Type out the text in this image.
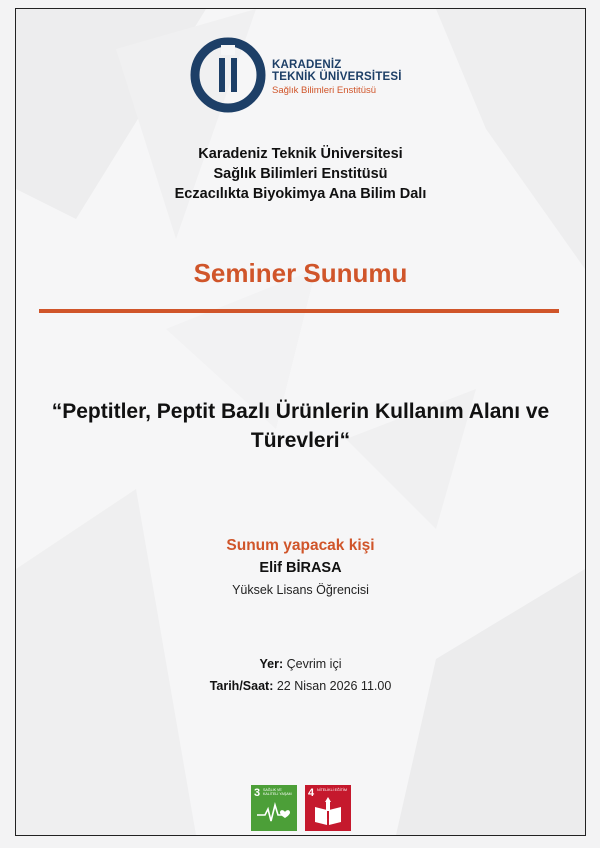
KARADENİZ
TEKNİK ÜNİVERSİTESİ
Sağlık Bilimleri Enstitüsü
Karadeniz Teknik Üniversitesi
Sağlık Bilimleri Enstitüsü
Eczacılıkta Biyokimya Ana Bilim Dalı
Seminer Sunumu
“Peptitler, Peptit Bazlı Ürünlerin Kullanım Alanı ve Türevleri“
Sunum yapacak kişi
Elif BİRASA
Yüksek Lisans Öğrencisi
Yer: Çevrim içi
Tarih/Saat: 22 Nisan 2026 11.00
3 SAĞLIK VE KALİTELİ YAŞAM	4 NİTELİKLİ EĞİTİM
